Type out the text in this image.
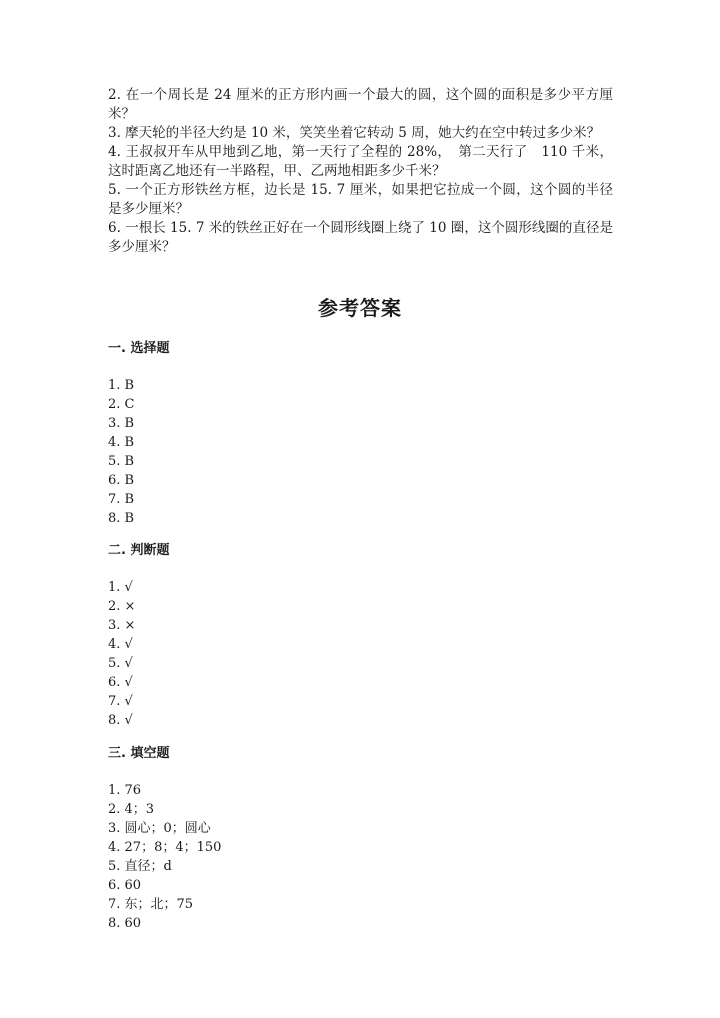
2. 在一个周长是 24 厘米的正方形内画一个最大的圆，这个圆的面积是多少平方厘米？

3. 摩天轮的半径大约是 10 米，笑笑坐着它转动 5 周，她大约在空中转过多少米？

4. 王叔叔开车从甲地到乙地，第一天行了全程的 28%，　第二天行了　110 千米，这时距离乙地还有一半路程，甲、乙两地相距多少千米？

5. 一个正方形铁丝方框，边长是 15. 7 厘米，如果把它拉成一个圆，这个圆的半径是多少厘米？

6. 一根长 15. 7 米的铁丝正好在一个圆形线圈上绕了 10 圈，这个圆形线圈的直径是多少厘米？

参考答案

一. 选择题

1. B
2. C
3. B
4. B
5. B
6. B
7. B
8. B

二. 判断题

1. √
2. ×
3. ×
4. √
5. √
6. √
7. √
8. √

三. 填空题

1. 76
2. 4；3
3. 圆心；0；圆心
4. 27；8；4；150
5. 直径；d
6. 60
7. 东；北；75
8. 60
